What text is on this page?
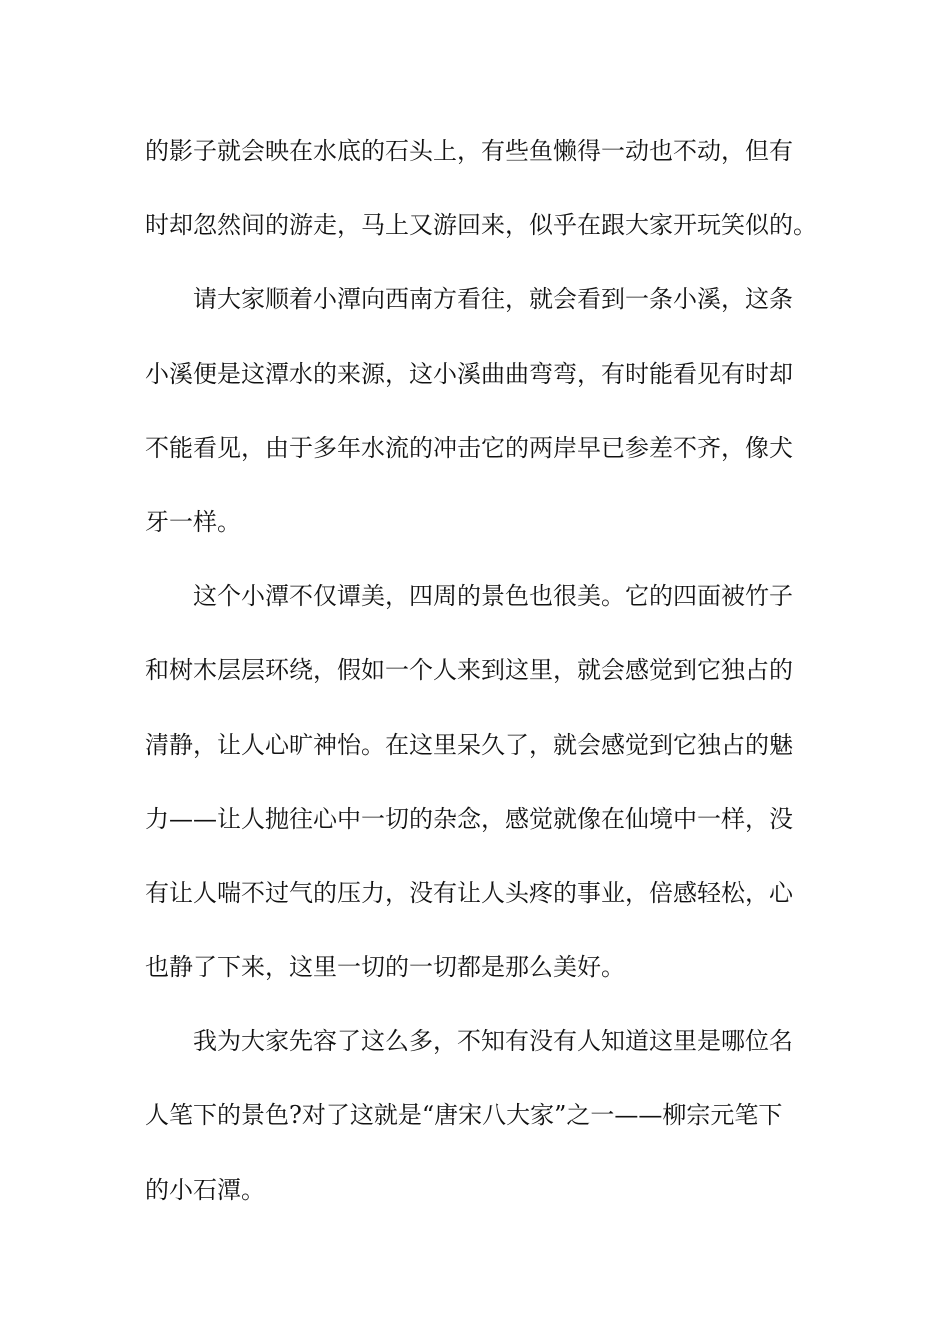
的影子就会映在水底的石头上，有些鱼懒得一动也不动，但有
时却忽然间的游走，马上又游回来，似乎在跟大家开玩笑似的。
请大家顺着小潭向西南方看往，就会看到一条小溪，这条
小溪便是这潭水的来源，这小溪曲曲弯弯，有时能看见有时却
不能看见，由于多年水流的冲击它的两岸早已参差不齐，像犬
牙一样。
这个小潭不仅谭美，四周的景色也很美。它的四面被竹子
和树木层层环绕，假如一个人来到这里，就会感觉到它独占的
清静，让人心旷神怡。在这里呆久了，就会感觉到它独占的魅
力——让人抛往心中一切的杂念，感觉就像在仙境中一样，没
有让人喘不过气的压力，没有让人头疼的事业，倍感轻松，心
也静了下来，这里一切的一切都是那么美好。
我为大家先容了这么多，不知有没有人知道这里是哪位名
人笔下的景色?对了这就是“唐宋八大家”之一——柳宗元笔下
的小石潭。
